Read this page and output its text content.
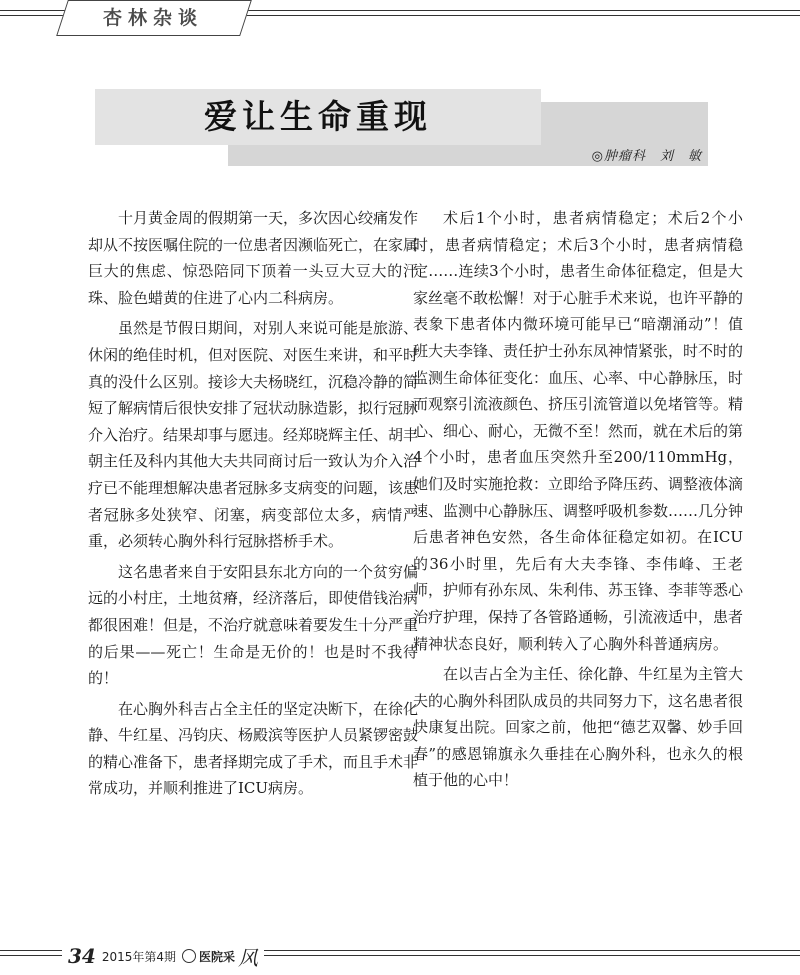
杏林杂谈
爱让生命重现
◎肿瘤科　刘　敏

十月黄金周的假期第一天，多次因心绞痛发作却从不按医嘱住院的一位患者因濒临死亡，在家属巨大的焦虑、惊恐陪同下顶着一头豆大豆大的汗珠、脸色蜡黄的住进了心内二科病房。

虽然是节假日期间，对别人来说可能是旅游、休闲的绝佳时机，但对医院、对医生来讲，和平时真的没什么区别。接诊大夫杨晓红，沉稳冷静的简短了解病情后很快安排了冠状动脉造影，拟行冠脉介入治疗。结果却事与愿违。经郑晓辉主任、胡丰朝主任及科内其他大夫共同商讨后一致认为介入治疗已不能理想解决患者冠脉多支病变的问题，该患者冠脉多处狭窄、闭塞，病变部位太多，病情严重，必须转心胸外科行冠脉搭桥手术。

这名患者来自于安阳县东北方向的一个贫穷偏远的小村庄，土地贫瘠，经济落后，即使借钱治病都很困难！但是，不治疗就意味着要发生十分严重的后果——死亡！生命是无价的！也是时不我待的！

在心胸外科吉占全主任的坚定决断下，在徐化静、牛红星、冯钧庆、杨殿滨等医护人员紧锣密鼓的精心准备下，患者择期完成了手术，而且手术非常成功，并顺利推进了ICU病房。

术后1个小时，患者病情稳定；术后2个小时，患者病情稳定；术后3个小时，患者病情稳定……连续3个小时，患者生命体征稳定，但是大家丝毫不敢松懈！对于心脏手术来说，也许平静的表象下患者体内微环境可能早已“暗潮涌动”！值班大夫李锋、责任护士孙东凤神情紧张，时不时的监测生命体征变化：血压、心率、中心静脉压，时而观察引流液颜色、挤压引流管道以免堵管等。精心、细心、耐心，无微不至！然而，就在术后的第4个小时，患者血压突然升至200/110mmHg，她们及时实施抢救：立即给予降压药、调整液体滴速、监测中心静脉压、调整呼吸机参数……几分钟后患者神色安然，各生命体征稳定如初。在ICU的36小时里，先后有大夫李锋、李伟峰、王老师，护师有孙东凤、朱利伟、苏玉锋、李菲等悉心治疗护理，保持了各管路通畅，引流液适中，患者精神状态良好，顺利转入了心胸外科普通病房。

在以吉占全为主任、徐化静、牛红星为主管大夫的心胸外科团队成员的共同努力下，这名患者很快康复出院。回家之前，他把“德艺双馨、妙手回春”的感恩锦旗永久垂挂在心胸外科，也永久的根植于他的心中！

34 2015年第4期 医院采 风
